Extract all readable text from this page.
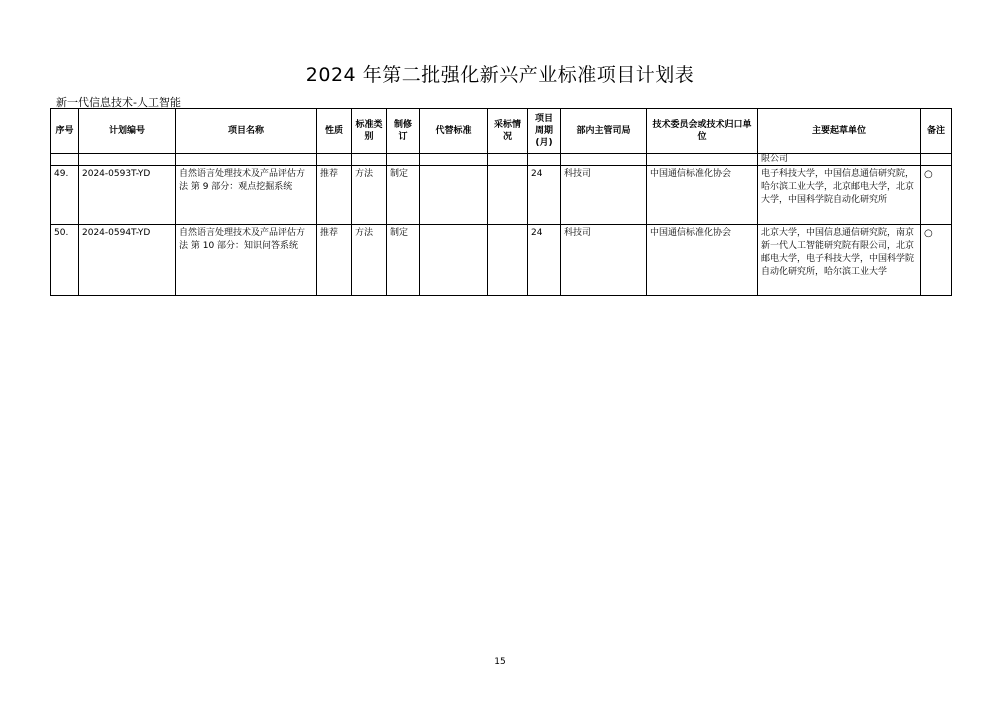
2024 年第二批强化新兴产业标准项目计划表
新一代信息技术-人工智能
序号	计划编号	项目名称	性质	标准类别	制修订	代替标准	采标情况	项目周期(月)	部内主管司局	技术委员会或技术归口单位	主要起草单位	备注
											限公司	
49.	2024-0593T-YD	自然语言处理技术及产品评估方法 第 9 部分：观点挖掘系统	推荐	方法	制定			24	科技司	中国通信标准化协会	电子科技大学，中国信息通信研究院，哈尔滨工业大学，北京邮电大学，北京大学，中国科学院自动化研究所	○
50.	2024-0594T-YD	自然语言处理技术及产品评估方法 第 10 部分：知识问答系统	推荐	方法	制定			24	科技司	中国通信标准化协会	北京大学，中国信息通信研究院，南京新一代人工智能研究院有限公司，北京邮电大学，电子科技大学，中国科学院自动化研究所，哈尔滨工业大学	○
15
